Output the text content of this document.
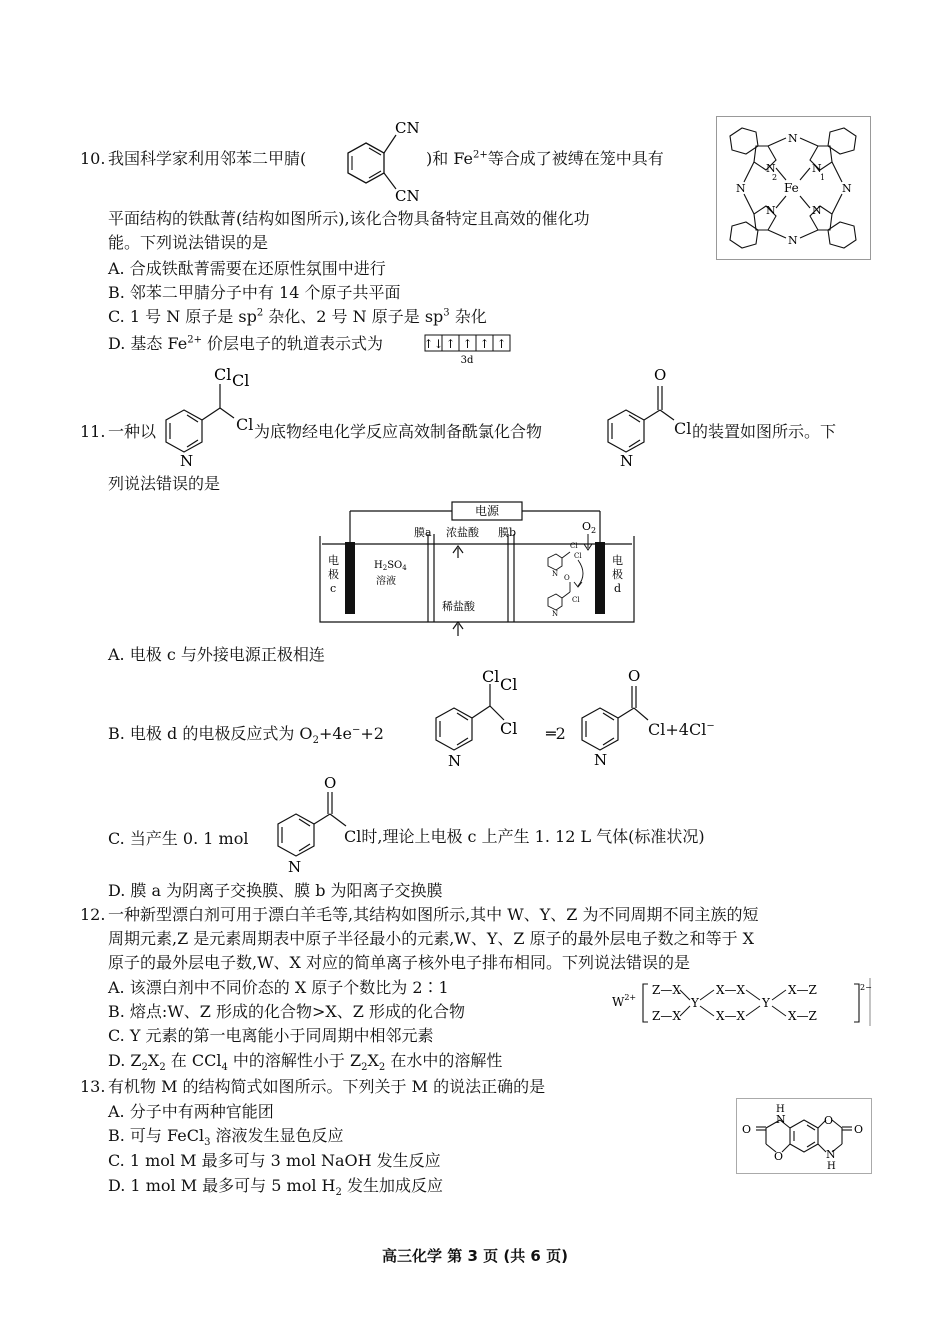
10. 我国科学家利用邻苯二甲腈(
CN
CN
)和 $Fe^{2+}$等合成了被缚在笼中具有
平面结构的铁酞菁(结构如图所示),该化合物具备特定且高效的催化功
能。下列说法错误的是
A. 合成铁酞菁需要在还原性氛围中进行
B. 邻苯二甲腈分子中有 14 个原子共平面
C. 1 号 N 原子是 $sp^2$ 杂化、2 号 N 原子是 $sp^3$ 杂化
D. 基态 $Fe^{2+}$ 价层电子的轨道表示式为	↑↓ ↑ ↑ ↑ ↑
3d
N
N
N	N
N
2
N
1
N	N
Fe
Cl Cl
N
Cl
O
N
Cl
11. 一种以	为底物经电化学反应高效制备酰氯化合物	的装置如图所示。下
列说法错误的是
电源
膜a 浓盐酸 膜b	$O_2$
电
极
c
电
极
d
$H_2SO_4$
溶液
稀盐酸
Cl
Cl
O
Cl
N
N
A. 电极 c 与外接电源正极相连
B. 电极 d 的电极反应式为 $O_2+4e^-+2$
Cl Cl
Cl
N
═2
O
N
Cl+4Cl−
C. 当产生 0. 1 mol
O
N
Cl时,理论上电极 c 上产生 1. 12 L 气体(标准状况)
D. 膜 a 为阴离子交换膜、膜 b 为阳离子交换膜
12. 一种新型漂白剂可用于漂白羊毛等,其结构如图所示,其中 W、Y、Z 为不同周期不同主族的短
周期元素,Z 是元素周期表中原子半径最小的元素,W、Y、Z 原子的最外层电子数之和等于 X
原子的最外层电子数,W、X 对应的简单离子核外电子排布相同。下列说法错误的是
A. 该漂白剂中不同价态的 X 原子个数比为 2∶1
B. 熔点:W、Z 形成的化合物>X、Z 形成的化合物
C. Y 元素的第一电离能小于同周期中相邻元素
D. $Z_2X_2$ 在 CCl$_4$ 中的溶解性小于 $Z_2X_2$ 在水中的溶解性
$W^{2+}$
Z—X
Z—X
Y
X—X
X—X
Y
X—Z
X—Z
2−
13. 有机物 M 的结构简式如图所示。下列关于 M 的说法正确的是
A. 分子中有两种官能团
B. 可与 FeCl$_3$ 溶液发生显色反应
C. 1 mol M 最多可与 3 mol NaOH 发生反应
D. 1 mol M 最多可与 5 mol $H_2$ 发生加成反应
O	O
O
O
H
N
N
H
高三化学 第 3 页 (共 6 页)
